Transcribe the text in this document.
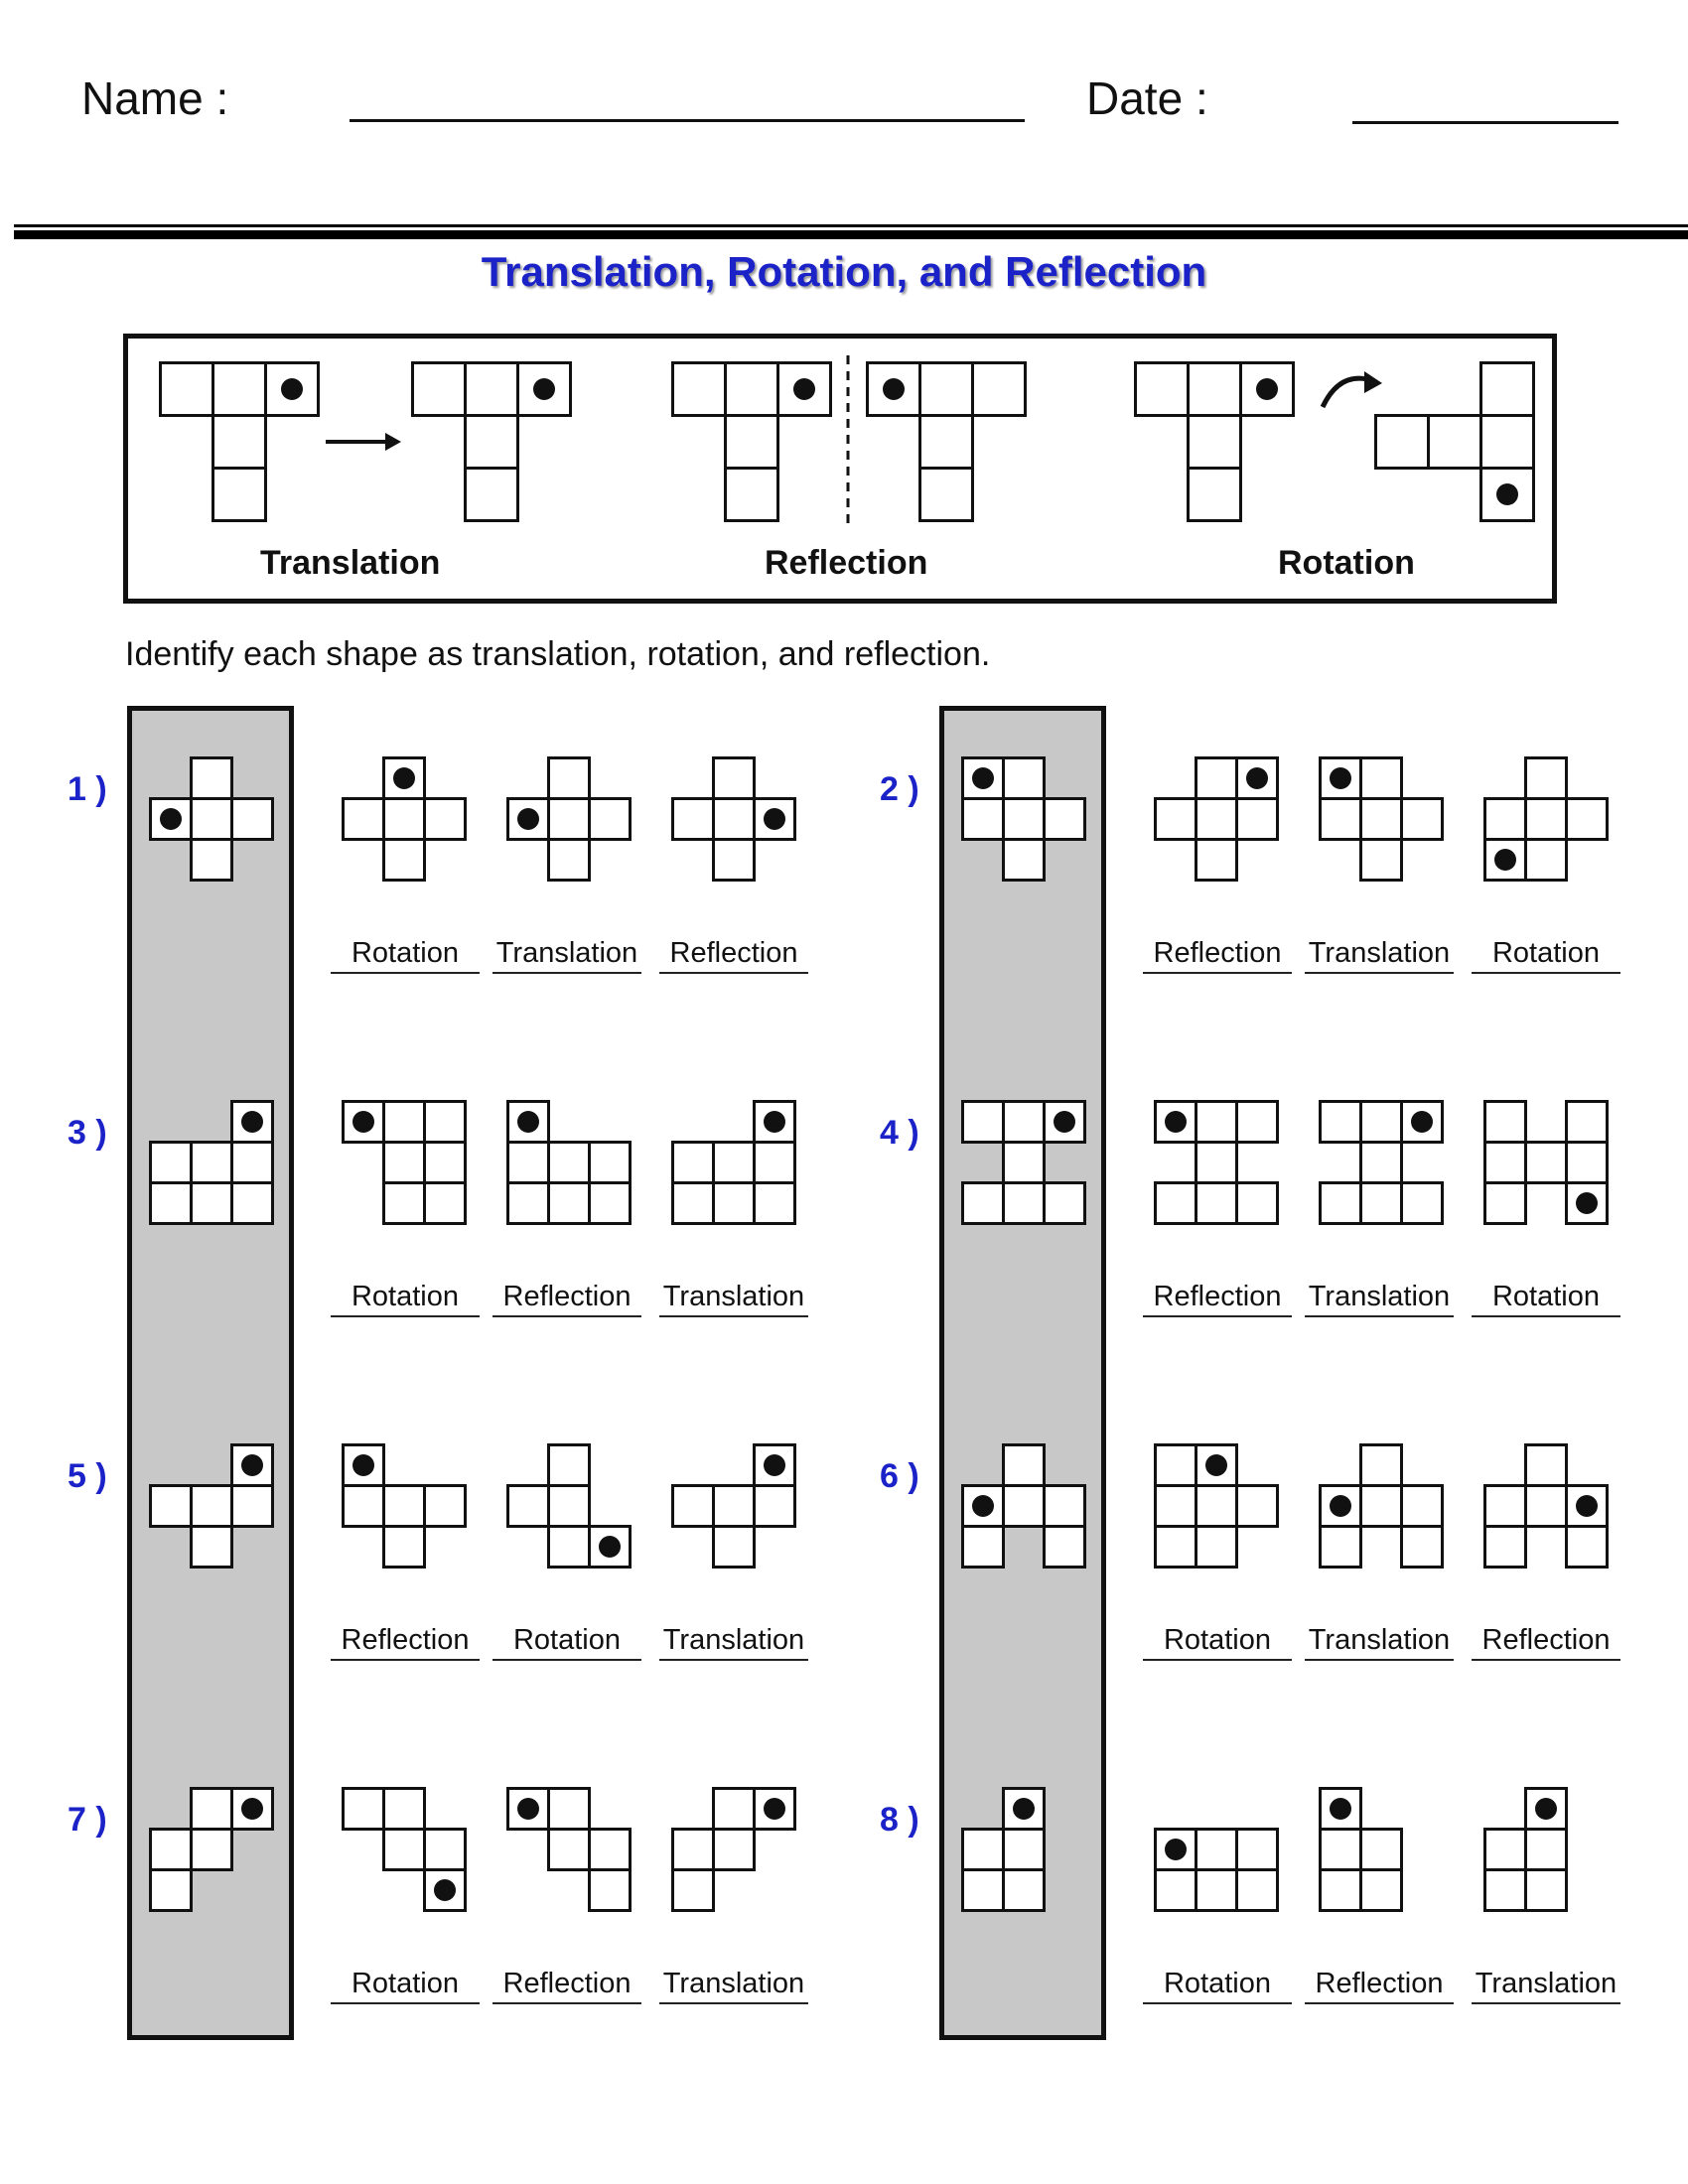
Name :	Date :
Translation, Rotation, and Reflection
Translation	Reflection	Rotation
Identify each shape as translation, rotation, and reflection.
1 )
Rotation	Translation	Reflection
2 )
Reflection Translation	Rotation
3 )
Rotation	Reflection	Translation
4 )
Reflection Translation	Rotation
5 )
Reflection	Rotation	Translation
6 )
Rotation	Translation	Reflection
7 )
Rotation	Reflection	Translation
8 )
Rotation	Reflection	Translation
